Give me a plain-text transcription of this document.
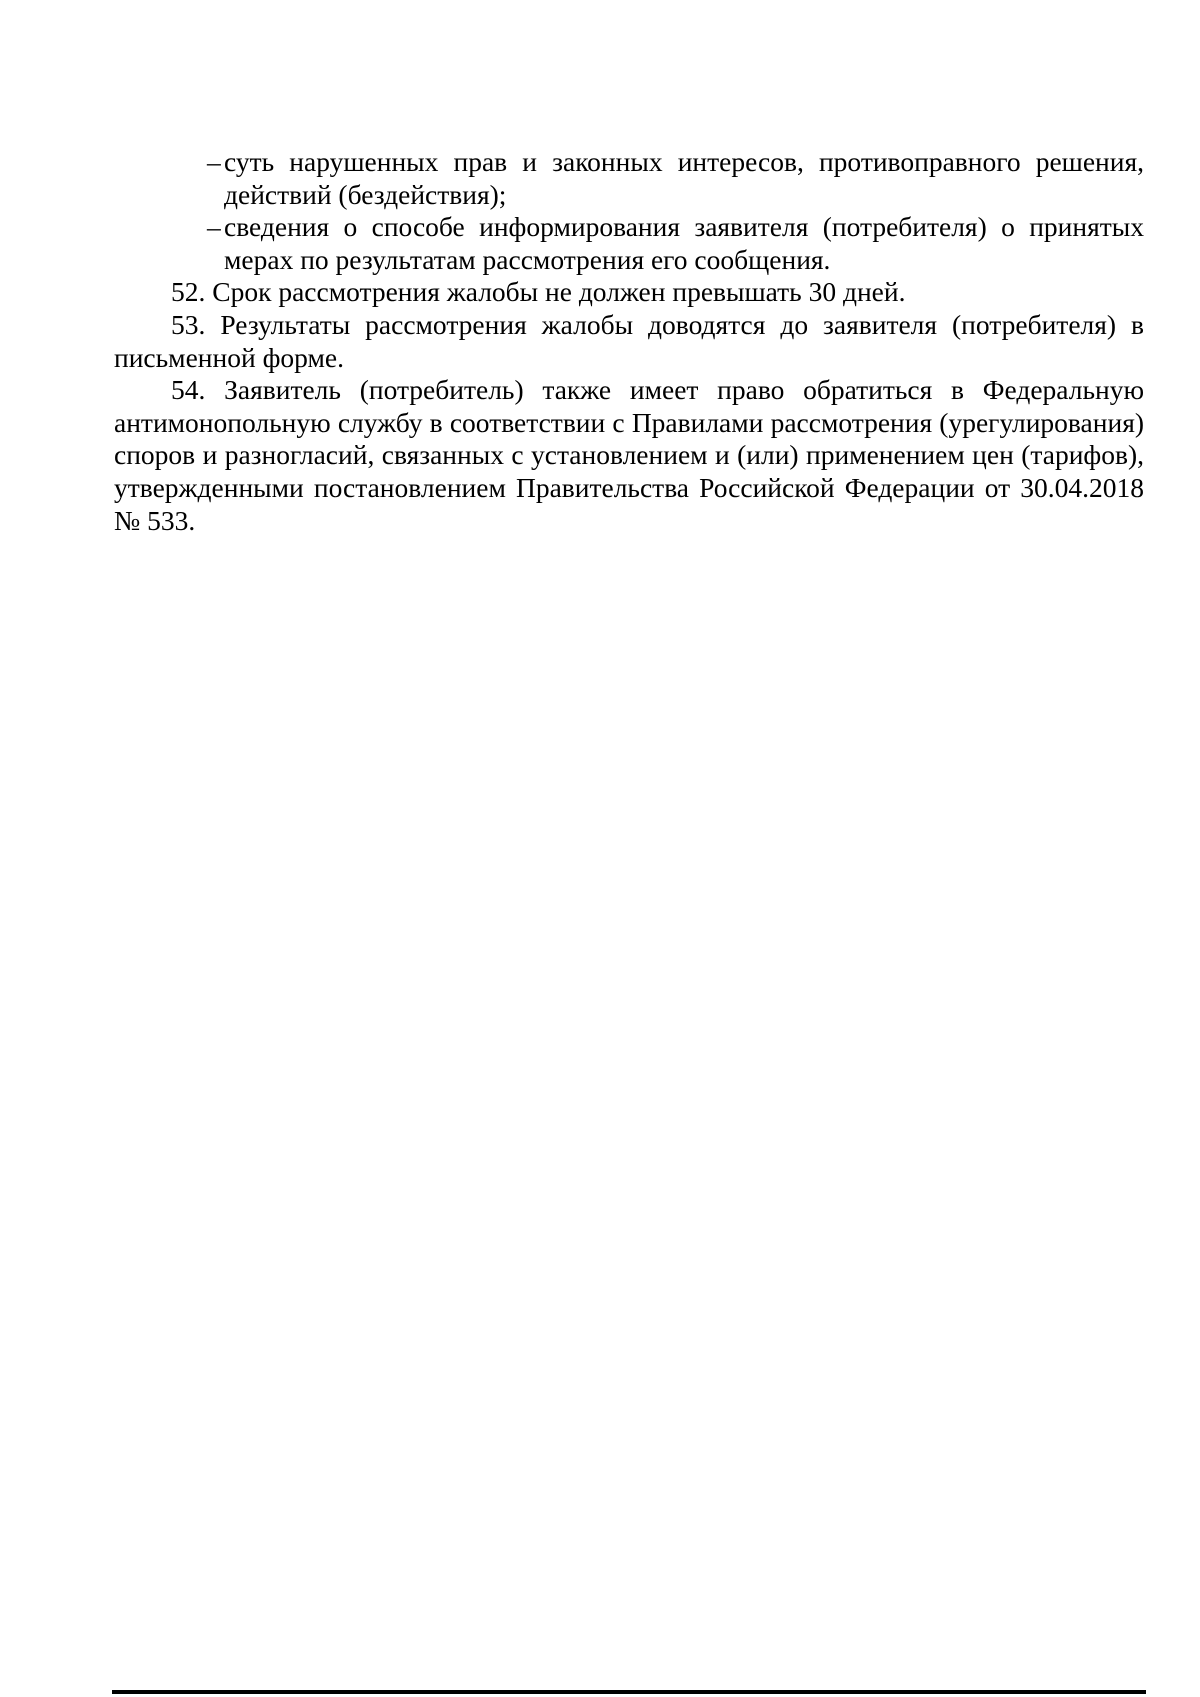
– суть нарушенных прав и законных интересов, противоправного решения, действий (бездействия);
– сведения о способе информирования заявителя (потребителя) о принятых мерах по результатам рассмотрения его сообщения.

52. Срок рассмотрения жалобы не должен превышать 30 дней.

53. Результаты рассмотрения жалобы доводятся до заявителя (потребителя) в письменной форме.

54. Заявитель (потребитель) также имеет право обратиться в Федеральную антимонопольную службу в соответствии с Правилами рассмотрения (урегулирования) споров и разногласий, связанных с установлением и (или) применением цен (тарифов), утвержденными постановлением Правительства Российской Федерации от 30.04.2018 № 533.
